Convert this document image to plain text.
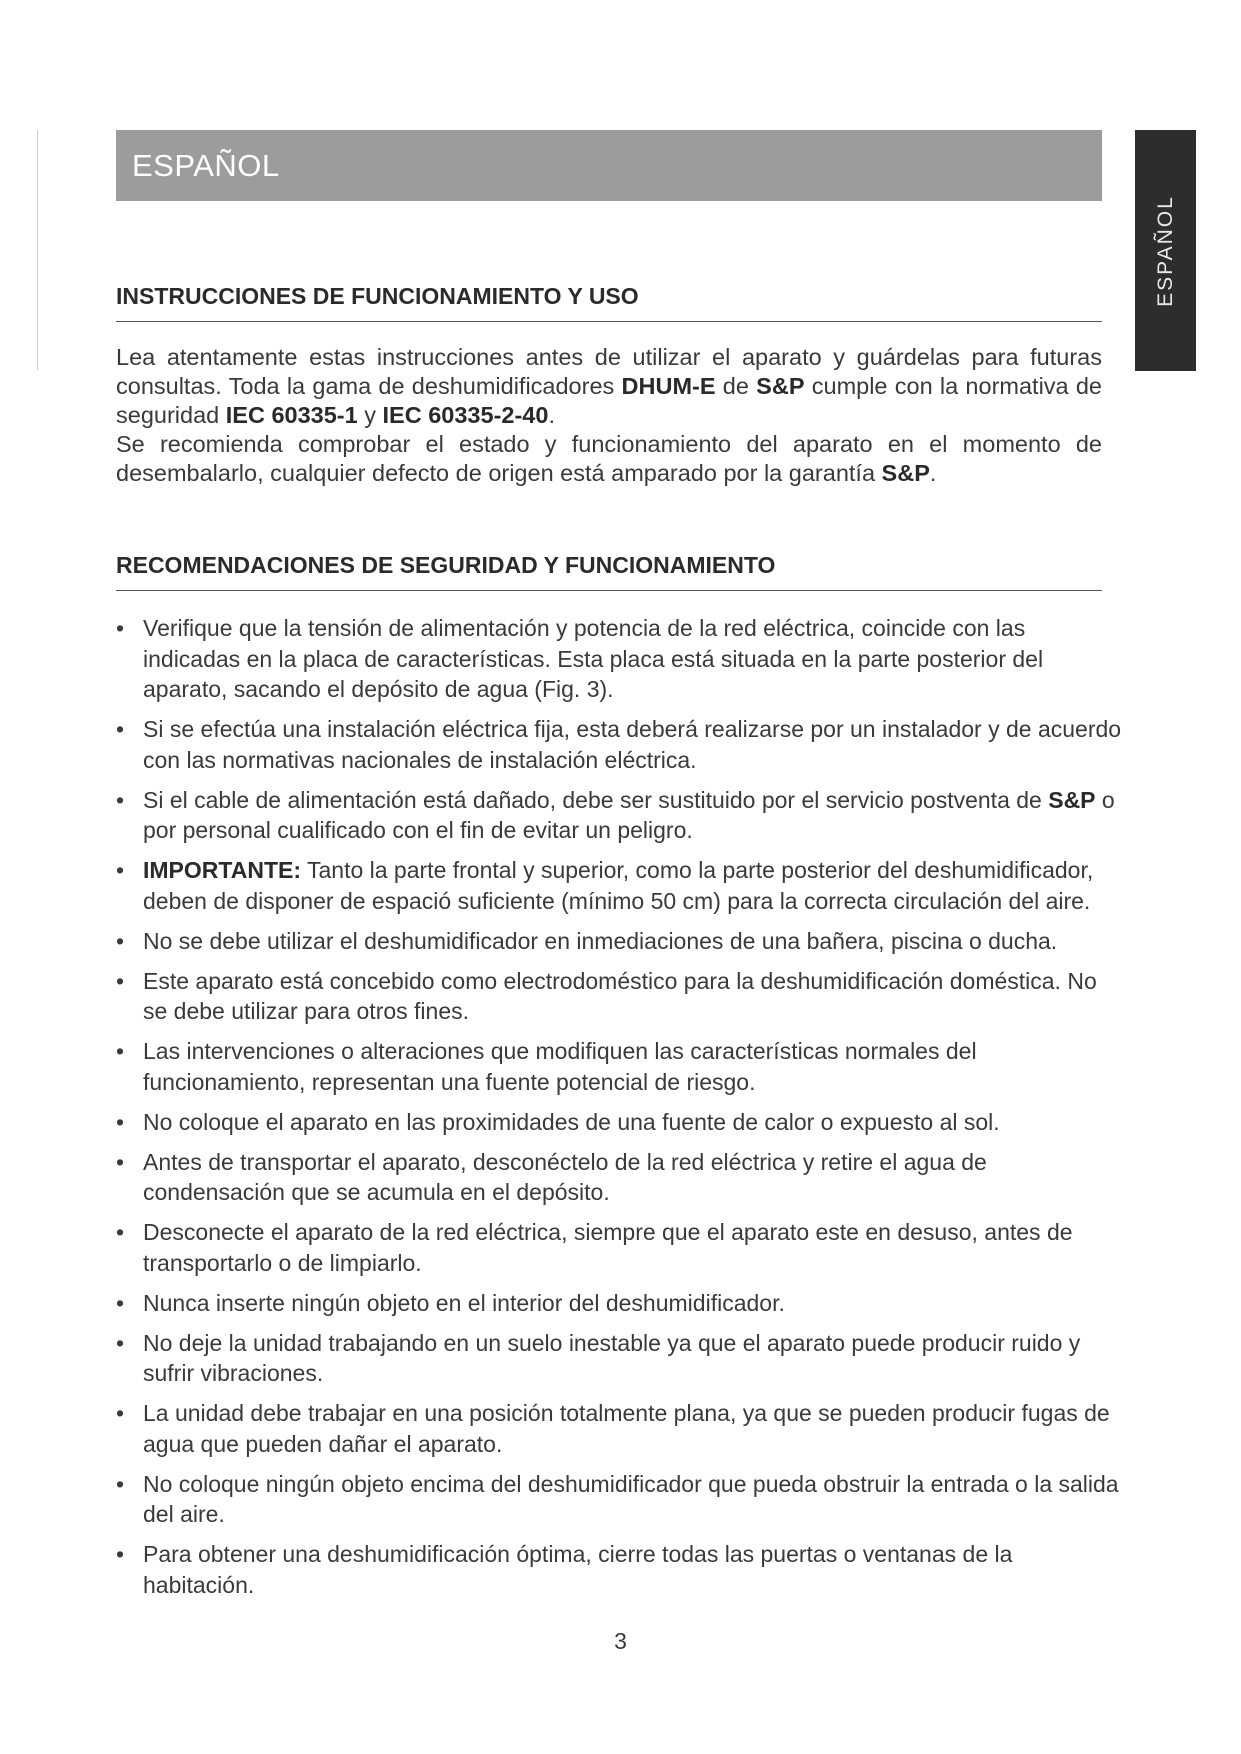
ESPAÑOL
ESPAÑOL
INSTRUCCIONES DE FUNCIONAMIENTO Y USO

Lea atentamente estas instrucciones antes de utilizar el aparato y guárdelas para futuras consultas. Toda la gama de deshumidificadores DHUM-E de S&P cumple con la normativa de seguridad IEC 60335-1 y IEC 60335-2-40.

Se recomienda comprobar el estado y funcionamiento del aparato en el momento de desembalarlo, cualquier defecto de origen está amparado por la garantía S&P.

RECOMENDACIONES DE SEGURIDAD Y FUNCIONAMIENTO
• Verifique que la tensión de alimentación y potencia de la red eléctrica, coincide con las indicadas en la placa de características. Esta placa está situada en la parte posterior del aparato, sacando el depósito de agua (Fig. 3).
• Si se efectúa una instalación eléctrica fija, esta deberá realizarse por un instalador y de acuerdo con las normativas nacionales de instalación eléctrica.
• Si el cable de alimentación está dañado, debe ser sustituido por el servicio postventa de S&P o por personal cualificado con el fin de evitar un peligro.
• IMPORTANTE: Tanto la parte frontal y superior, como la parte posterior del deshumidificador, deben de disponer de espació suficiente (mínimo 50 cm) para la correcta circulación del aire.
• No se debe utilizar el deshumidificador en inmediaciones de una bañera, piscina o ducha.
• Este aparato está concebido como electrodoméstico para la deshumidificación doméstica. No se debe utilizar para otros fines.
• Las intervenciones o alteraciones que modifiquen las características normales del funcionamiento, representan una fuente potencial de riesgo.
• No coloque el aparato en las proximidades de una fuente de calor o expuesto al sol.
• Antes de transportar el aparato, desconéctelo de la red eléctrica y retire el agua de condensación que se acumula en el depósito.
• Desconecte el aparato de la red eléctrica, siempre que el aparato este en desuso, antes de transportarlo o de limpiarlo.
• Nunca inserte ningún objeto en el interior del deshumidificador.
• No deje la unidad trabajando en un suelo inestable ya que el aparato puede producir ruido y sufrir vibraciones.
• La unidad debe trabajar en una posición totalmente plana, ya que se pueden producir fugas de agua que pueden dañar el aparato.
• No coloque ningún objeto encima del deshumidificador que pueda obstruir la entrada o la salida del aire.
• Para obtener una deshumidificación óptima, cierre todas las puertas o ventanas de la habitación.
3
